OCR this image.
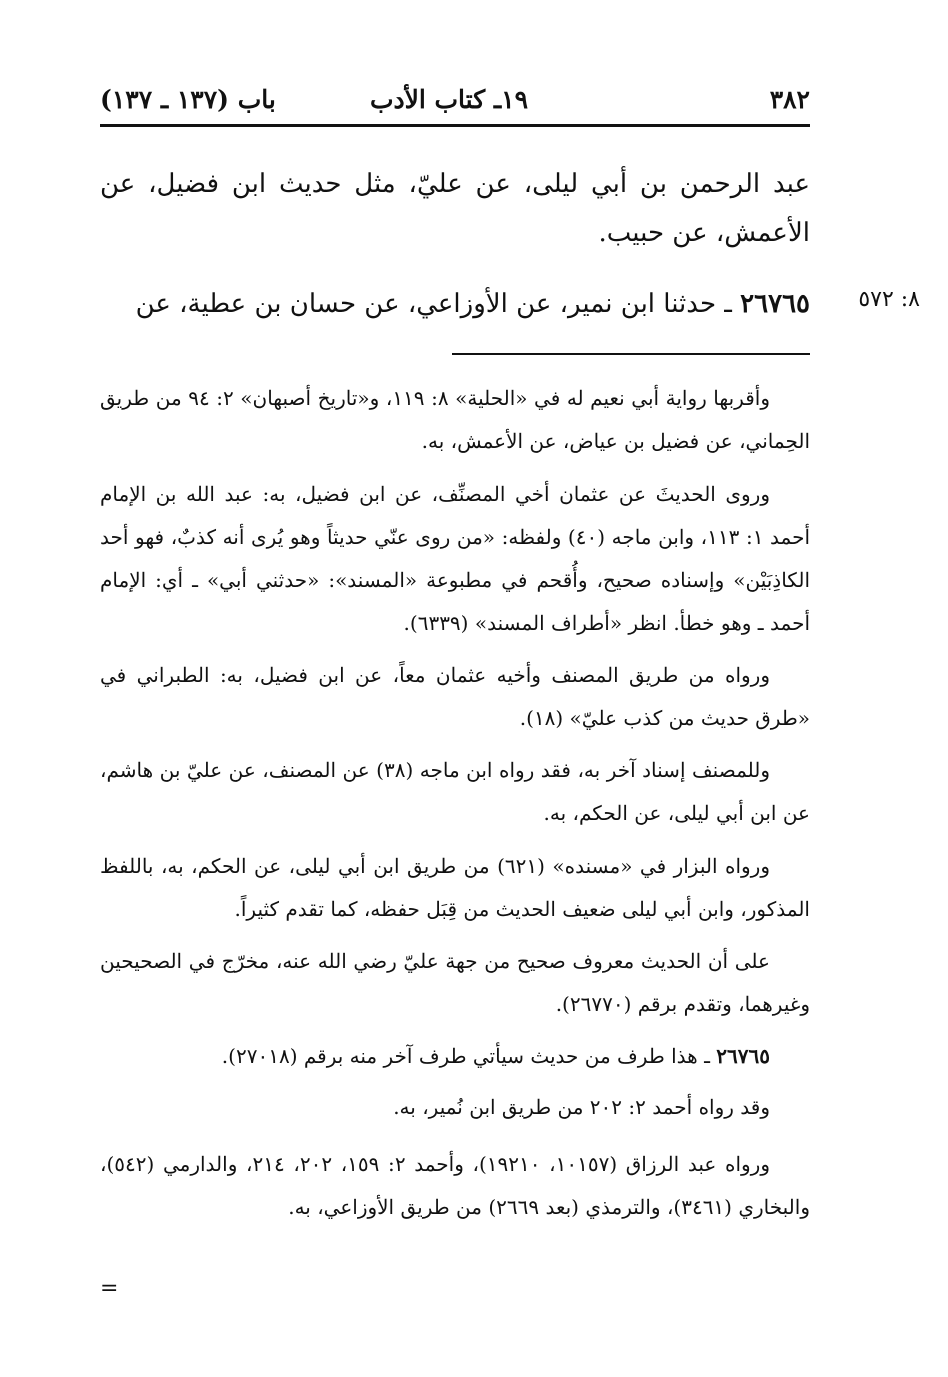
٣٨٢
١٩ـ كتاب الأدب
باب (١٣٧ ـ ١٣٧)
عبد الرحمن بن أبي ليلى، عن عليّ، مثل حديث ابن فضيل، عن الأعمش، عن حبيب.
٢٦٧٦٥ ـ حدثنا ابن نمير، عن الأوزاعي، عن حسان بن عطية، عن	٨: ٥٧٢
وأقربها رواية أبي نعيم له في «الحلية» ٨: ١١٩، و«تاريخ أصبهان» ٢: ٩٤ من طريق الحِماني، عن فضيل بن عياض، عن الأعمش، به.
وروى الحديثَ عن عثمان أخي المصنِّف، عن ابن فضيل، به: عبد الله بن الإمام أحمد ١: ١١٣، وابن ماجه (٤٠) ولفظه: «من روى عنّي حديثاً وهو يُرى أنه كذبٌ، فهو أحد الكاذِبَيْن» وإسناده صحيح، وأُقحم في مطبوعة «المسند»: «حدثني أبي» ـ أي: الإمام أحمد ـ وهو خطأ. انظر «أطراف المسند» (٦٣٣٩).
ورواه من طريق المصنف وأخيه عثمان معاً، عن ابن فضيل، به: الطبراني في «طرق حديث من كذب عليّ» (١٨).
وللمصنف إسناد آخر به، فقد رواه ابن ماجه (٣٨) عن المصنف، عن عليّ بن هاشم، عن ابن أبي ليلى، عن الحكم، به.
ورواه البزار في «مسنده» (٦٢١) من طريق ابن أبي ليلى، عن الحكم، به، باللفظ المذكور، وابن أبي ليلى ضعيف الحديث من قِبَل حفظه، كما تقدم كثيراً.
على أن الحديث معروف صحيح من جهة عليّ رضي الله عنه، مخرّج في الصحيحين وغيرهما، وتقدم برقم (٢٦٧٧٠).
٢٦٧٦٥ ـ هذا طرف من حديث سيأتي طرف آخر منه برقم (٢٧٠١٨).
وقد رواه أحمد ٢: ٢٠٢ من طريق ابن نُمير، به.
ورواه عبد الرزاق (١٠١٥٧، ١٩٢١٠)، وأحمد ٢: ١٥٩، ٢٠٢، ٢١٤، والدارمي (٥٤٢)، والبخاري (٣٤٦١)، والترمذي (بعد ٢٦٦٩) من طريق الأوزاعي، به.
=
